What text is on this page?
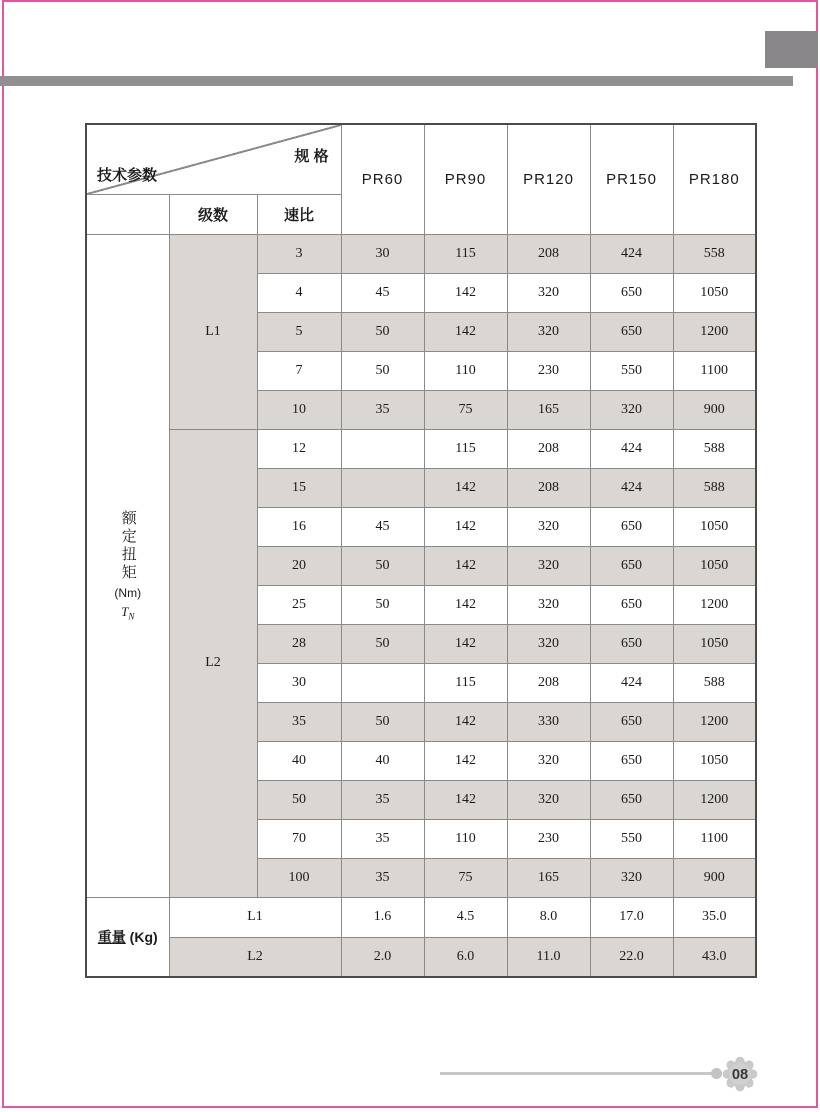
规 格
技术参数			PR60	PR90	PR120	PR150	PR180
	级数	速比					

额定扭矩
(Nm)
$T_N$	L1	3	30	115	208	424	558
		4	45	142	320	650	1050
		5	50	142	320	650	1200
		7	50	110	230	550	1100
		10	35	75	165	320	900
	L2	12		115	208	424	588
		15		142	208	424	588
		16	45	142	320	650	1050
		20	50	142	320	650	1050
		25	50	142	320	650	1200
		28	50	142	320	650	1050
		30		115	208	424	588
		35	50	142	330	650	1200
		40	40	142	320	650	1050
		50	35	142	320	650	1200
		70	35	110	230	550	1100
		100	35	75	165	320	900
重量 (Kg)	L1		1.6	4.5	8.0	17.0	35.0
	L2		2.0	6.0	11.0	22.0	43.0
08
